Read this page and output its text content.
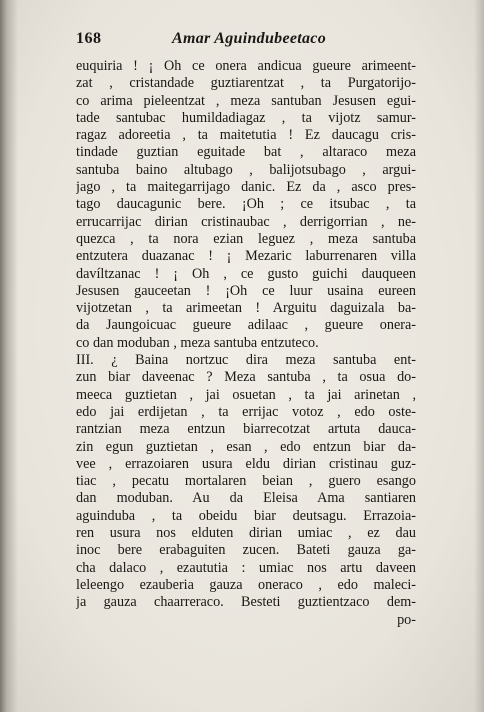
168	Amar Aguindubeetaco
euquiria ! ¡ Oh ce onera andicua gueure arimeent-
zat , cristandade guztiarentzat , ta Purgatorijo-
co arima pieleentzat , meza santuban Jesusen egui-
tade santubac humildadiagaz , ta vijotz samur-
ragaz adoreetia , ta maitetutia ! Ez daucagu cris-
tindade guztian eguitade bat , altaraco meza
santuba baino altubago , balijotsubago , argui-
jago , ta maitegarrijago danic. Ez da , asco pres-
tago daucagunic bere. ¡Oh ; ce itsubac , ta
errucarrijac dirian cristinaubac , derrigorrian , ne-
quezca , ta nora ezian leguez , meza santuba
entzutera duazanac ! ¡ Mezaric laburrenaren villa
davíltzanac ! ¡ Oh , ce gusto guichi dauqueen
Jesusen gauceetan ! ¡Oh ce luur usaina eureen
vijotzetan , ta arimeetan ! Arguitu daguizala ba-
da Jaungoicuac gueure adilaac , gueure onera-
co dan moduban , meza santuba entzuteco.
III. ¿ Baina nortzuc dira meza santuba ent-
zun biar daveenac ? Meza santuba , ta osua do-
meeca guztietan , jai osuetan , ta jai arinetan ,
edo jai erdijetan , ta errijac votoz , edo oste-
rantzian meza entzun biarrecotzat artuta dauca-
zin egun guztietan , esan , edo entzun biar da-
vee , errazoiaren usura eldu dirian cristinau guz-
tiac , pecatu mortalaren beian , guero esango
dan moduban. Au da Eleisa Ama santiaren
aguinduba , ta obeidu biar deutsagu. Errazoia-
ren usura nos elduten dirian umiac , ez dau
inoc bere erabaguiten zucen. Bateti gauza ga-
cha dalaco , ezaututia : umiac nos artu daveen
leleengo ezauberia gauza oneraco , edo maleci-
ja gauza chaarreraco. Besteti guztientzaco dem-
po-
